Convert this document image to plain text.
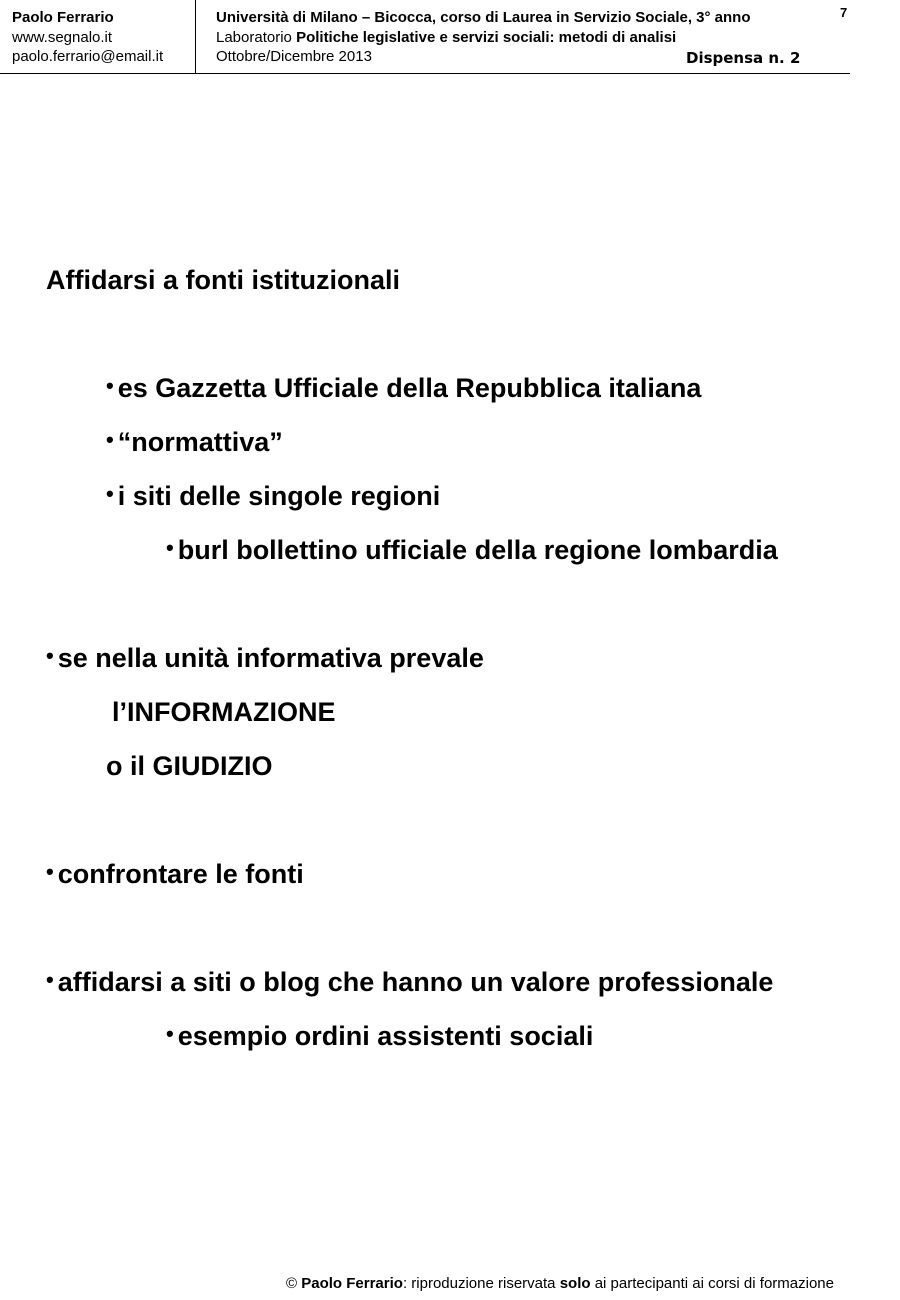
Paolo Ferrario
www.segnalo.it
paolo.ferrario@email.it
Università di Milano – Bicocca, corso di Laurea in Servizio Sociale, 3° anno
Laboratorio Politiche legislative e servizi sociali: metodi di analisi
Ottobre/Dicembre 2013	Dispensa n. 2
7
Affidarsi a fonti istituzionali
• es Gazzetta Ufficiale della Repubblica italiana
• “normattiva”
• i siti delle singole regioni
• burl bollettino ufficiale della regione lombardia
• se nella unità informativa prevale
l’INFORMAZIONE
o il GIUDIZIO
• confrontare le fonti
• affidarsi a siti o blog che hanno un valore professionale
• esempio ordini assistenti sociali
© Paolo Ferrario: riproduzione riservata solo ai partecipanti ai corsi di formazione
